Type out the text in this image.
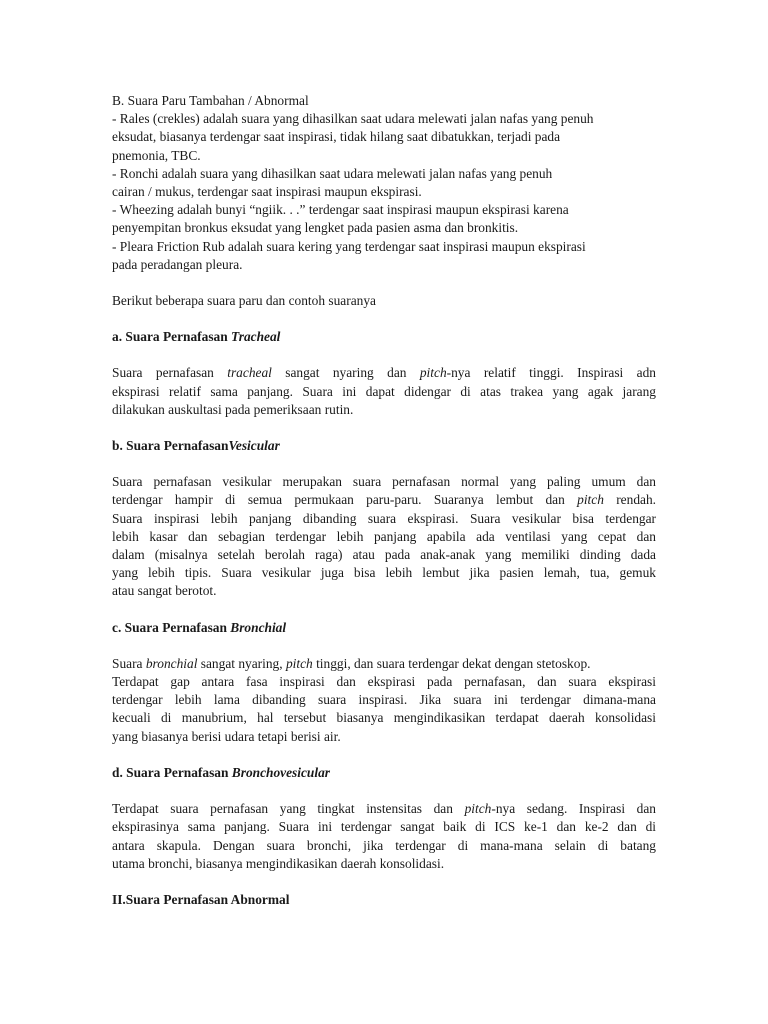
B. Suara Paru Tambahan / Abnormal
- Rales (crekles) adalah suara yang dihasilkan saat udara melewati jalan nafas yang penuh
eksudat, biasanya terdengar saat inspirasi, tidak hilang saat dibatukkan, terjadi pada
pnemonia, TBC.
- Ronchi adalah suara yang dihasilkan saat udara melewati jalan nafas yang penuh
cairan / mukus, terdengar saat inspirasi maupun ekspirasi.
- Wheezing adalah bunyi “ngiik. . .” terdengar saat inspirasi maupun ekspirasi karena
penyempitan bronkus eksudat yang lengket pada pasien asma dan bronkitis.
- Pleara Friction Rub adalah suara kering yang terdengar saat inspirasi maupun ekspirasi
pada peradangan pleura.
Berikut beberapa suara paru dan contoh suaranya

a. Suara Pernafasan Tracheal

Suara pernafasan tracheal sangat nyaring dan pitch-nya relatif tinggi. Inspirasi adn
ekspirasi relatif sama panjang. Suara ini dapat didengar di atas trakea yang agak jarang
dilakukan auskultasi pada pemeriksaan rutin.

b. Suara PernafasanVesicular

Suara pernafasan vesikular merupakan suara pernafasan normal yang paling umum dan
terdengar hampir di semua permukaan paru-paru. Suaranya lembut dan pitch rendah.
Suara inspirasi lebih panjang dibanding suara ekspirasi. Suara vesikular bisa terdengar
lebih kasar dan sebagian terdengar lebih panjang apabila ada ventilasi yang cepat dan
dalam (misalnya setelah berolah raga) atau pada anak-anak yang memiliki dinding dada
yang lebih tipis. Suara vesikular juga bisa lebih lembut jika pasien lemah, tua, gemuk
atau sangat berotot.

c. Suara Pernafasan Bronchial

Suara bronchial sangat nyaring, pitch tinggi, dan suara terdengar dekat dengan stetoskop.
Terdapat gap antara fasa inspirasi dan ekspirasi pada pernafasan, dan suara ekspirasi
terdengar lebih lama dibanding suara inspirasi. Jika suara ini terdengar dimana-mana
kecuali di manubrium, hal tersebut biasanya mengindikasikan terdapat daerah konsolidasi
yang biasanya berisi udara tetapi berisi air.

d. Suara Pernafasan Bronchovesicular

Terdapat suara pernafasan yang tingkat instensitas dan pitch-nya sedang. Inspirasi dan
ekspirasinya sama panjang. Suara ini terdengar sangat baik di ICS ke-1 dan ke-2 dan di
antara skapula. Dengan suara bronchi, jika terdengar di mana-mana selain di batang
utama bronchi, biasanya mengindikasikan daerah konsolidasi.

II.Suara Pernafasan Abnormal
